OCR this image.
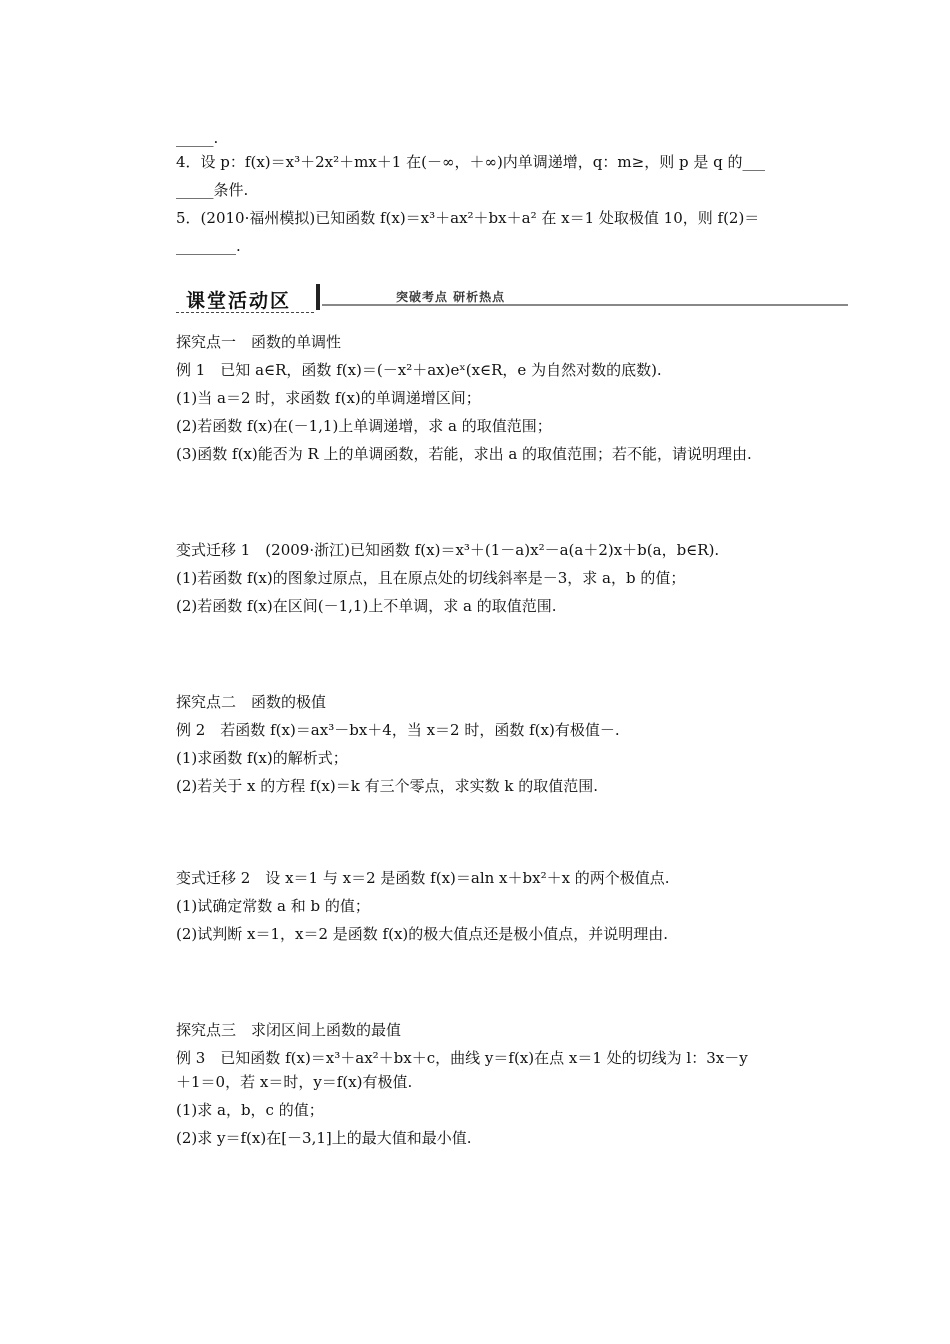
_____.
4．设 p：f(x)＝x³＋2x²＋mx＋1 在(－∞，＋∞)内单调递增，q：m≥，则 p 是 q 的___
_____条件.
5．(2010·福州模拟)已知函数 f(x)＝x³＋ax²＋bx＋a² 在 x＝1 处取极值 10，则 f(2)＝
________.
课堂活动区	突破考点 研析热点
探究点一　函数的单调性
例 1　已知 a∈R，函数 f(x)＝(－x²＋ax)eˣ(x∈R，e 为自然对数的底数).
(1)当 a＝2 时，求函数 f(x)的单调递增区间；
(2)若函数 f(x)在(－1,1)上单调递增，求 a 的取值范围；
(3)函数 f(x)能否为 R 上的单调函数，若能，求出 a 的取值范围；若不能，请说明理由.
变式迁移 1　(2009·浙江)已知函数 f(x)＝x³＋(1－a)x²－a(a＋2)x＋b(a，b∈R).
(1)若函数 f(x)的图象过原点，且在原点处的切线斜率是－3，求 a，b 的值；
(2)若函数 f(x)在区间(－1,1)上不单调，求 a 的取值范围.
探究点二　函数的极值
例 2　若函数 f(x)＝ax³－bx＋4，当 x＝2 时，函数 f(x)有极值－.
(1)求函数 f(x)的解析式；
(2)若关于 x 的方程 f(x)＝k 有三个零点，求实数 k 的取值范围.
变式迁移 2　设 x＝1 与 x＝2 是函数 f(x)＝aln x＋bx²＋x 的两个极值点.
(1)试确定常数 a 和 b 的值；
(2)试判断 x＝1，x＝2 是函数 f(x)的极大值点还是极小值点，并说明理由.
探究点三　求闭区间上函数的最值
例 3　已知函数 f(x)＝x³＋ax²＋bx＋c，曲线 y＝f(x)在点 x＝1 处的切线为 l：3x－y
＋1＝0，若 x＝时，y＝f(x)有极值.
(1)求 a，b，c 的值；
(2)求 y＝f(x)在[－3,1]上的最大值和最小值.
